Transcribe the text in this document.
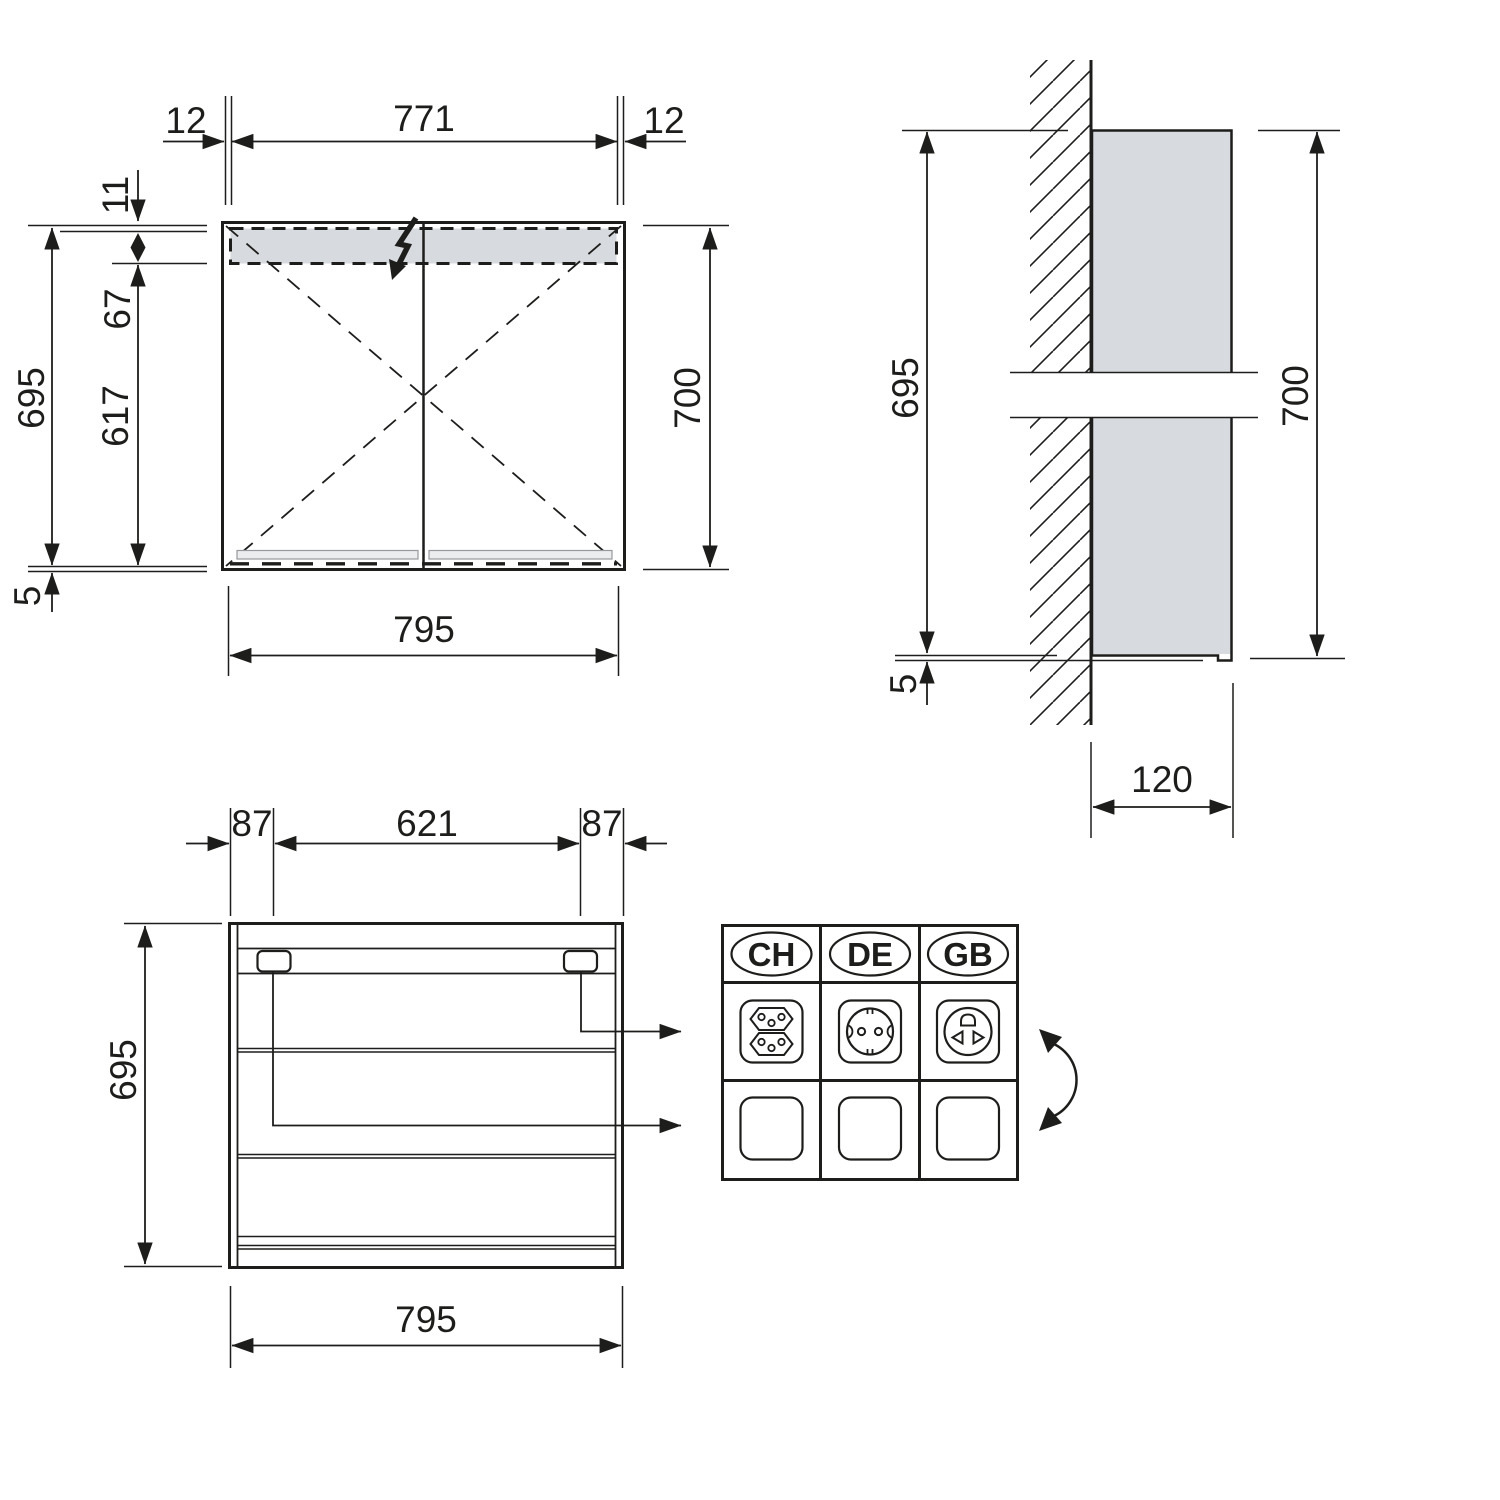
12	771	12
11
67
617
695
5
700
795
695
5
700
120
87	621	87
695
795
CH DE GB
